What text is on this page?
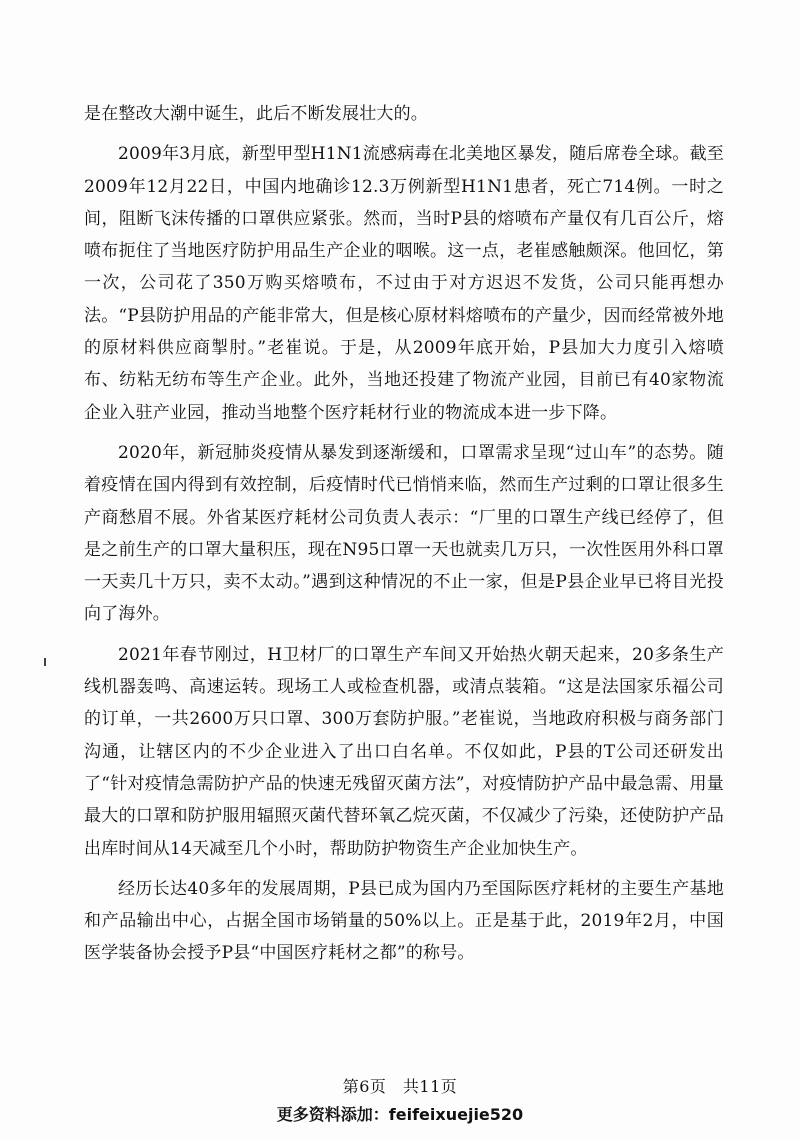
是在整改大潮中诞生，此后不断发展壮大的。

2009年3月底，新型甲型H1N1流感病毒在北美地区暴发，随后席卷全球。截至2009年12月22日，中国内地确诊12.3万例新型H1N1患者，死亡714例。一时之间，阻断飞沫传播的口罩供应紧张。然而，当时P县的熔喷布产量仅有几百公斤，熔喷布扼住了当地医疗防护用品生产企业的咽喉。这一点，老崔感触颇深。他回忆，第一次，公司花了350万购买熔喷布，不过由于对方迟迟不发货，公司只能再想办法。“P县防护用品的产能非常大，但是核心原材料熔喷布的产量少，因而经常被外地的原材料供应商掣肘。”老崔说。于是，从2009年底开始，P县加大力度引入熔喷布、纺粘无纺布等生产企业。此外，当地还投建了物流产业园，目前已有40家物流企业入驻产业园，推动当地整个医疗耗材行业的物流成本进一步下降。

2020年，新冠肺炎疫情从暴发到逐渐缓和，口罩需求呈现“过山车”的态势。随着疫情在国内得到有效控制，后疫情时代已悄悄来临，然而生产过剩的口罩让很多生产商愁眉不展。外省某医疗耗材公司负责人表示：“厂里的口罩生产线已经停了，但是之前生产的口罩大量积压，现在N95口罩一天也就卖几万只，一次性医用外科口罩一天卖几十万只，卖不太动。”遇到这种情况的不止一家，但是P县企业早已将目光投向了海外。

2021年春节刚过，H卫材厂的口罩生产车间又开始热火朝天起来，20多条生产线机器轰鸣、高速运转。现场工人或检查机器，或清点装箱。“这是法国家乐福公司的订单，一共2600万只口罩、300万套防护服。”老崔说，当地政府积极与商务部门沟通，让辖区内的不少企业进入了出口白名单。不仅如此，P县的T公司还研发出了“针对疫情急需防护产品的快速无残留灭菌方法”，对疫情防护产品中最急需、用量最大的口罩和防护服用辐照灭菌代替环氧乙烷灭菌，不仅减少了污染，还使防护产品出库时间从14天减至几个小时，帮助防护物资生产企业加快生产。

经历长达40多年的发展周期，P县已成为国内乃至国际医疗耗材的主要生产基地和产品输出中心，占据全国市场销量的50%以上。正是基于此，2019年2月，中国医学装备协会授予P县“中国医疗耗材之都”的称号。

第6页　共11页
更多资料添加：feifeixuejie520
